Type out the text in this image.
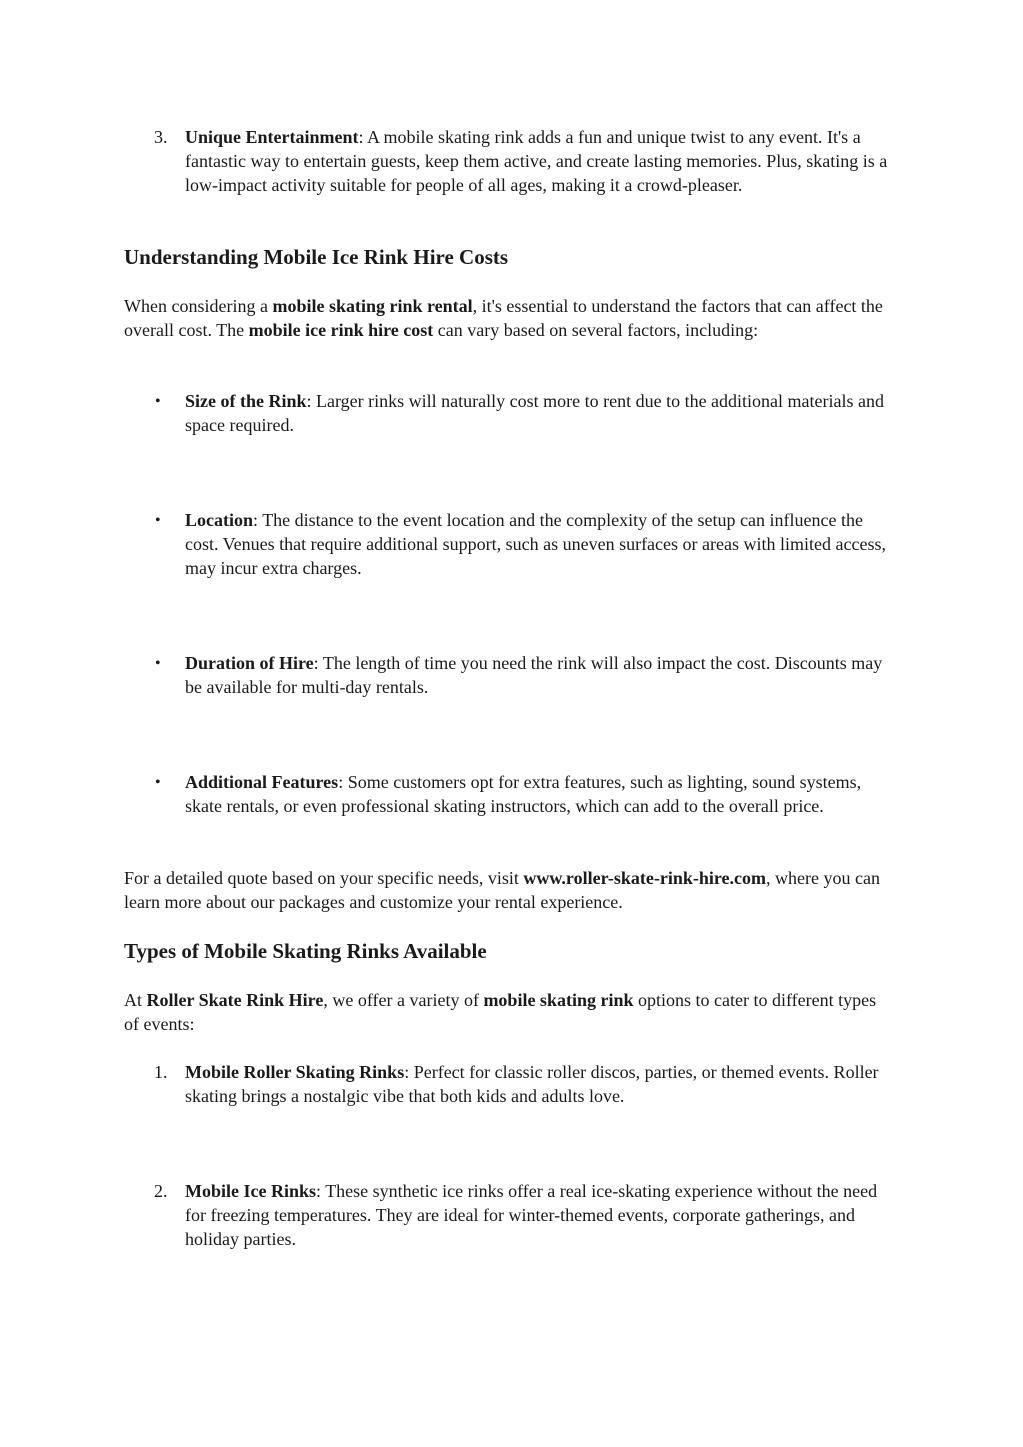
3. Unique Entertainment: A mobile skating rink adds a fun and unique twist to any event. It's a fantastic way to entertain guests, keep them active, and create lasting memories. Plus, skating is a low-impact activity suitable for people of all ages, making it a crowd-pleaser.

Understanding Mobile Ice Rink Hire Costs

When considering a mobile skating rink rental, it's essential to understand the factors that can affect the overall cost. The mobile ice rink hire cost can vary based on several factors, including:

•	Size of the Rink: Larger rinks will naturally cost more to rent due to the additional materials and space required.

•	Location: The distance to the event location and the complexity of the setup can influence the cost. Venues that require additional support, such as uneven surfaces or areas with limited access, may incur extra charges.

•	Duration of Hire: The length of time you need the rink will also impact the cost. Discounts may be available for multi-day rentals.

•	Additional Features: Some customers opt for extra features, such as lighting, sound systems, skate rentals, or even professional skating instructors, which can add to the overall price.

For a detailed quote based on your specific needs, visit www.roller-skate-rink-hire.com, where you can learn more about our packages and customize your rental experience.

Types of Mobile Skating Rinks Available

At Roller Skate Rink Hire, we offer a variety of mobile skating rink options to cater to different types of events:

1. Mobile Roller Skating Rinks: Perfect for classic roller discos, parties, or themed events. Roller skating brings a nostalgic vibe that both kids and adults love.

2. Mobile Ice Rinks: These synthetic ice rinks offer a real ice-skating experience without the need for freezing temperatures. They are ideal for winter-themed events, corporate gatherings, and holiday parties.
